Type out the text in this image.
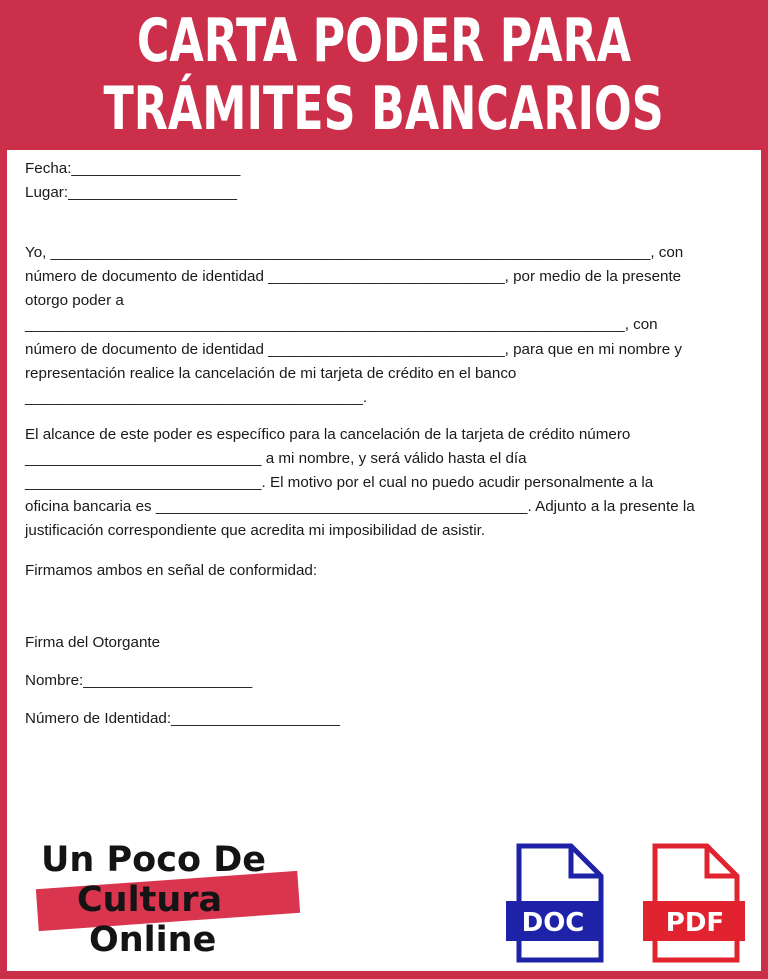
CARTA PODER PARA
TRÁMITES BANCARIOS
Fecha:____________________
Lugar:____________________
Yo, _______________________________________________________________________, con
número de documento de identidad ____________________________, por medio de la presente
otorgo poder a
_______________________________________________________________________, con
número de documento de identidad ____________________________, para que en mi nombre y
representación realice la cancelación de mi tarjeta de crédito en el banco
________________________________________.
El alcance de este poder es específico para la cancelación de la tarjeta de crédito número
____________________________ a mi nombre, y será válido hasta el día
____________________________. El motivo por el cual no puedo acudir personalmente a la
oficina bancaria es ____________________________________________. Adjunto a la presente la
justificación correspondiente que acredita mi imposibilidad de asistir.
Firmamos ambos en señal de conformidad:
Firma del Otorgante
Nombre:____________________
Número de Identidad:____________________
Un Poco De
Cultura
Online	DOC	PDF
